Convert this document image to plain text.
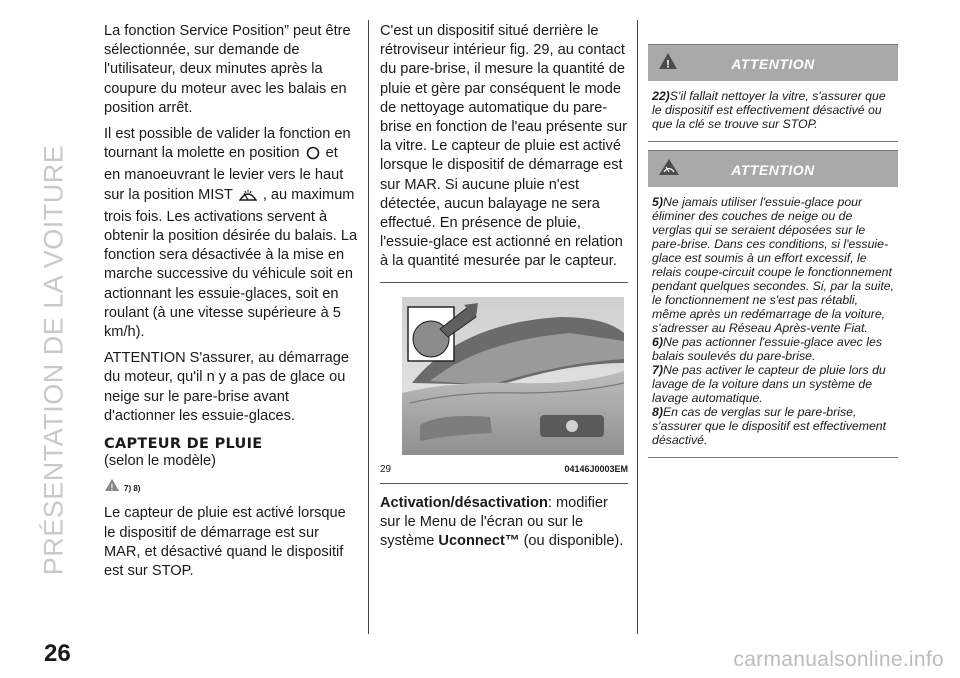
PRÉSENTATION DE LA VOITURE

La fonction Service Position” peut être sélectionnée, sur demande de l'utilisateur, deux minutes après la coupure du moteur avec les balais en position arrêt.

Il est possible de valider la fonction en tournant la molette en position et en manoeuvrant le levier vers le haut sur la position MIST , au maximum trois fois. Les activations servent à obtenir la position désirée du balais. La fonction sera désactivée à la mise en marche successive du véhicule soit en actionnant les essuie-glaces, soit en roulant (à une vitesse supérieure à 5 km/h).

ATTENTION S'assurer, au démarrage du moteur, qu'il n y a pas de glace ou neige sur le pare-brise avant d'actionner les essuie-glaces.

CAPTEUR DE PLUIE

(selon le modèle)

! 7) 8)

Le capteur de pluie est activé lorsque le dispositif de démarrage est sur MAR, et désactivé quand le dispositif est sur STOP.

C'est un dispositif situé derrière le rétroviseur intérieur fig. 29, au contact du pare-brise, il mesure la quantité de pluie et gère par conséquent le mode de nettoyage automatique du pare-brise en fonction de l'eau présente sur la vitre. Le capteur de pluie est activé lorsque le dispositif de démarrage est sur MAR. Si aucune pluie n'est détectée, aucun balayage ne sera effectué. En présence de pluie, l'essuie-glace est actionné en relation à la quantité mesurée par le capteur.

29	04146J0003EM

Activation/désactivation: modifier sur le Menu de l'écran ou sur le système Uconnect™ (ou disponible).

!	ATTENTION

22)S'il fallait nettoyer la vitre, s'assurer que le dispositif est effectivement désactivé ou que la clé se trouve sur STOP.

ATTENTION

5)Ne jamais utiliser l'essuie-glace pour éliminer des couches de neige ou de verglas qui se seraient déposées sur le pare-brise. Dans ces conditions, si l'essuie-glace est soumis à un effort excessif, le relais coupe-circuit coupe le fonctionnement pendant quelques secondes. Si, par la suite, le fonctionnement ne s'est pas rétabli, même après un redémarrage de la voiture, s'adresser au Réseau Après-vente Fiat.

6)Ne pas actionner l'essuie-glace avec les balais soulevés du pare-brise.

7)Ne pas activer le capteur de pluie lors du lavage de la voiture dans un système de lavage automatique.

8)En cas de verglas sur le pare-brise, s'assurer que le dispositif est effectivement désactivé.

26	carmanualsonline.info
